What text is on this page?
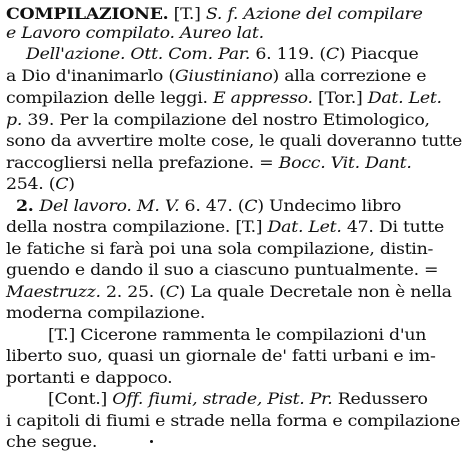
COMPILAZIONE. [T.] S. f. Azione del compilare
e Lavoro compilato. Aureo lat.
Dell'azione. Ott. Com. Par. 6. 119. (C) Piacque
a Dio d'inanimarlo (Giustiniano) alla correzione e
compilazion delle leggi. E appresso. [Tor.] Dat. Let.
p. 39. Per la compilazione del nostro Etimologico,
sono da avvertire molte cose, le quali doveranno tutte
raccogliersi nella prefazione. = Bocc. Vit. Dant.
254. (C)
2. Del lavoro. M. V. 6. 47. (C) Undecimo libro
della nostra compilazione. [T.] Dat. Let. 47. Di tutte
le fatiche si farà poi una sola compilazione, distin-
guendo e dando il suo a ciascuno puntualmente. =
Maestruzz. 2. 25. (C) La quale Decretale non è nella
moderna compilazione.
[T.] Cicerone rammenta le compilazioni d'un
liberto suo, quasi un giornale de' fatti urbani e im-
portanti e dappoco.
[Cont.] Off. fiumi, strade, Pist. Pr. Redussero
i capitoli di fiumi e strade nella forma e compilazione
che segue.
